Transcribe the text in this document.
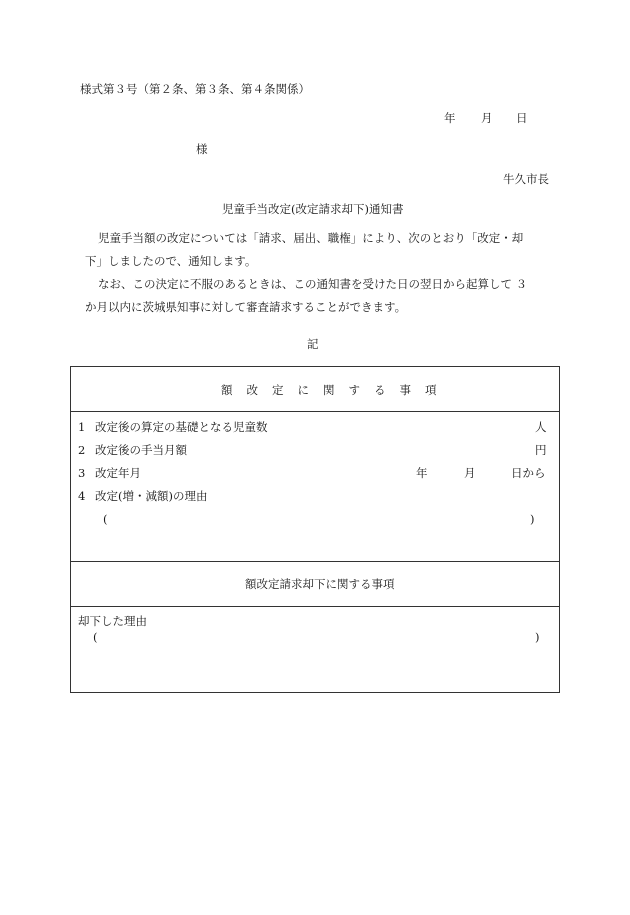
様式第３号（第２条、第３条、第４条関係）
年 月 日
様
牛久市長
児童手当改定(改定請求却下)通知書
児童手当額の改定については「請求、届出、職権」により、次のとおり「改定・却
下」しましたので、通知します。
なお、この決定に不服のあるときは、この通知書を受けた日の翌日から起算して ３
か月以内に茨城県知事に対して審査請求することができます。
記
額改定に関する事項
1 改定後の算定の基礎となる児童数	人
2 改定後の手当月額	円
3 改定年月	年	月	日から
4 改定(増・減額)の理由
(	)
額改定請求却下に関する事項
却下した理由
(	)
